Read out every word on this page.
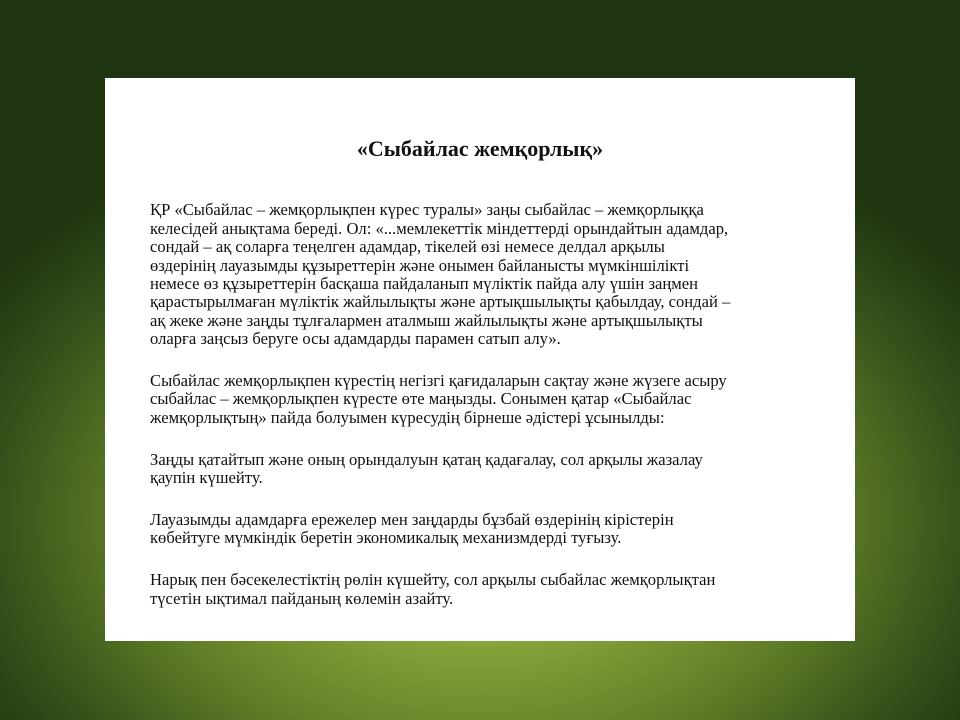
«Сыбайлас жемқорлық»

ҚР «Сыбайлас – жемқорлықпен күрес туралы» заңы сыбайлас – жемқорлыққа
келесідей анықтама береді. Ол: «...мемлекеттік міндеттерді орындайтын адамдар,
сондай – ақ соларға теңелген адамдар, тікелей өзі немесе делдал арқылы
өздерінің лауазымды құзыреттерін және онымен байланысты мүмкіншілікті
немесе өз құзыреттерін басқаша пайдаланып мүліктік пайда алу үшін заңмен
қарастырылмаған мүліктік жайлылықты және артықшылықты қабылдау, сондай –
ақ жеке және заңды тұлғалармен аталмыш жайлылықты және артықшылықты
оларға заңсыз беруге осы адамдарды парамен сатып алу».

Сыбайлас жемқорлықпен күрестің негізгі қағидаларын сақтау және жүзеге асыру
сыбайлас – жемқорлықпен күресте өте маңызды. Сонымен қатар «Сыбайлас
жемқорлықтың» пайда болуымен күресудің бірнеше әдістері ұсынылды:

Заңды қатайтып және оның орындалуын қатаң қадағалау, сол арқылы жазалау
қаупін күшейту.

Лауазымды адамдарға ережелер мен заңдарды бұзбай өздерінің кірістерін
көбейтуге мүмкіндік беретін экономикалық механизмдерді туғызу.

Нарық пен бәсекелестіктің рөлін күшейту, сол арқылы сыбайлас жемқорлықтан
түсетін ықтимал пайданың көлемін азайту.
